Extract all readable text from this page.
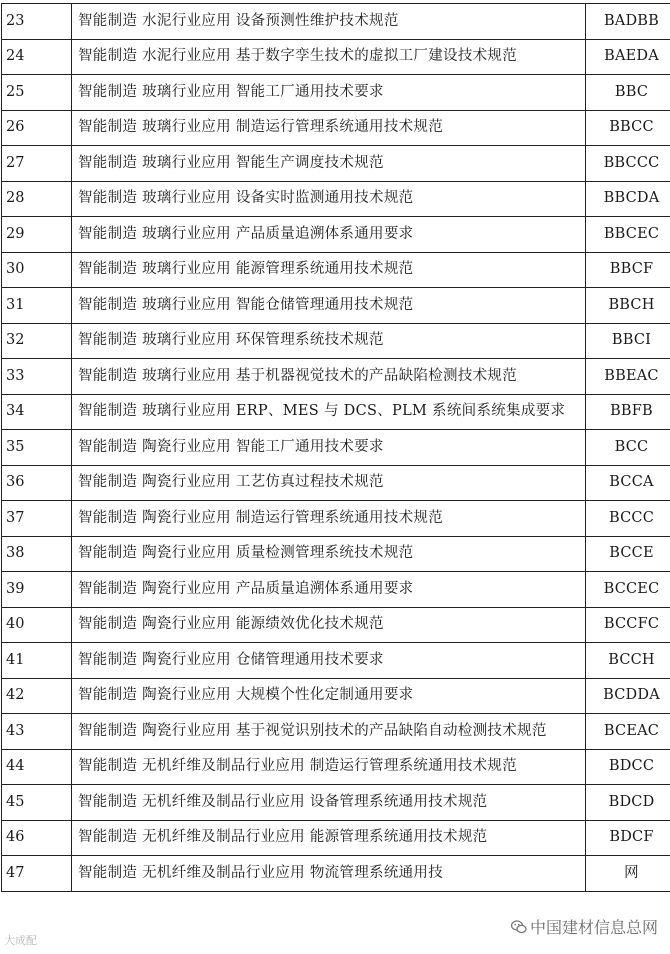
23	智能制造 水泥行业应用 设备预测性维护技术规范	BADBB
24	智能制造 水泥行业应用 基于数字孪生技术的虚拟工厂建设技术规范	BAEDA
25	智能制造 玻璃行业应用 智能工厂通用技术要求	BBC
26	智能制造 玻璃行业应用 制造运行管理系统通用技术规范	BBCC
27	智能制造 玻璃行业应用 智能生产调度技术规范	BBCCC
28	智能制造 玻璃行业应用 设备实时监测通用技术规范	BBCDA
29	智能制造 玻璃行业应用 产品质量追溯体系通用要求	BBCEC
30	智能制造 玻璃行业应用 能源管理系统通用技术规范	BBCF
31	智能制造 玻璃行业应用 智能仓储管理通用技术规范	BBCH
32	智能制造 玻璃行业应用 环保管理系统技术规范	BBCI
33	智能制造 玻璃行业应用 基于机器视觉技术的产品缺陷检测技术规范	BBEAC
34	智能制造 玻璃行业应用 ERP、MES 与 DCS、PLM 系统间系统集成要求	BBFB
35	智能制造 陶瓷行业应用 智能工厂通用技术要求	BCC
36	智能制造 陶瓷行业应用 工艺仿真过程技术规范	BCCA
37	智能制造 陶瓷行业应用 制造运行管理系统通用技术规范	BCCC
38	智能制造 陶瓷行业应用 质量检测管理系统技术规范	BCCE
39	智能制造 陶瓷行业应用 产品质量追溯体系通用要求	BCCEC
40	智能制造 陶瓷行业应用 能源绩效优化技术规范	BCCFC
41	智能制造 陶瓷行业应用 仓储管理通用技术要求	BCCH
42	智能制造 陶瓷行业应用 大规模个性化定制通用要求	BCDDA
43	智能制造 陶瓷行业应用 基于视觉识别技术的产品缺陷自动检测技术规范	BCEAC
44	智能制造 无机纤维及制品行业应用 制造运行管理系统通用技术规范	BDCC
45	智能制造 无机纤维及制品行业应用 设备管理系统通用技术规范	BDCD
46	智能制造 无机纤维及制品行业应用 能源管理系统通用技术规范	BDCF
47	智能制造 无机纤维及制品行业应用 物流管理系统通用技	网
大成配
中国建材信息总网
